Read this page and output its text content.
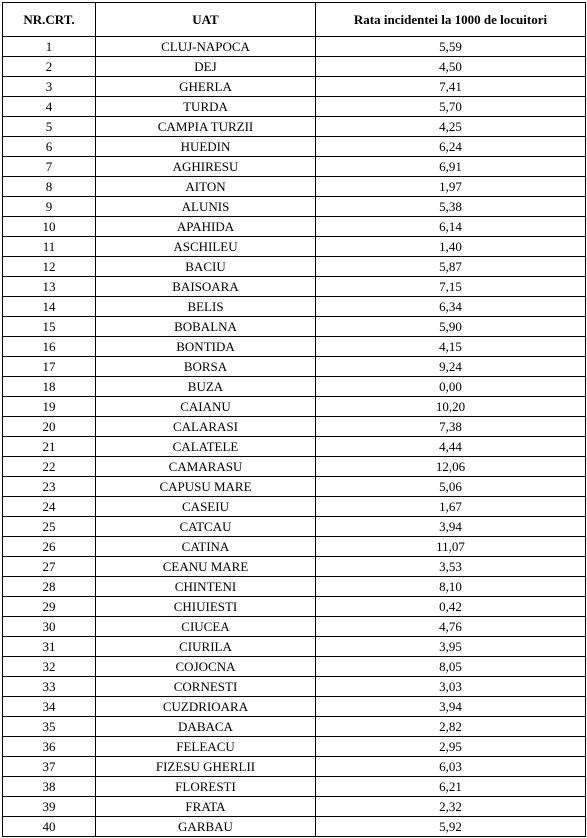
NR.CRT.	UAT	Rata incidentei la 1000 de locuitori
1	CLUJ-NAPOCA	5,59
2	DEJ	4,50
3	GHERLA	7,41
4	TURDA	5,70
5	CAMPIA TURZII	4,25
6	HUEDIN	6,24
7	AGHIRESU	6,91
8	AITON	1,97
9	ALUNIS	5,38
10	APAHIDA	6,14
11	ASCHILEU	1,40
12	BACIU	5,87
13	BAISOARA	7,15
14	BELIS	6,34
15	BOBALNA	5,90
16	BONTIDA	4,15
17	BORSA	9,24
18	BUZA	0,00
19	CAIANU	10,20
20	CALARASI	7,38
21	CALATELE	4,44
22	CAMARASU	12,06
23	CAPUSU MARE	5,06
24	CASEIU	1,67
25	CATCAU	3,94
26	CATINA	11,07
27	CEANU MARE	3,53
28	CHINTENI	8,10
29	CHIUIESTI	0,42
30	CIUCEA	4,76
31	CIURILA	3,95
32	COJOCNA	8,05
33	CORNESTI	3,03
34	CUZDRIOARA	3,94
35	DABACA	2,82
36	FELEACU	2,95
37	FIZESU GHERLII	6,03
38	FLORESTI	6,21
39	FRATA	2,32
40	GARBAU	5,92
